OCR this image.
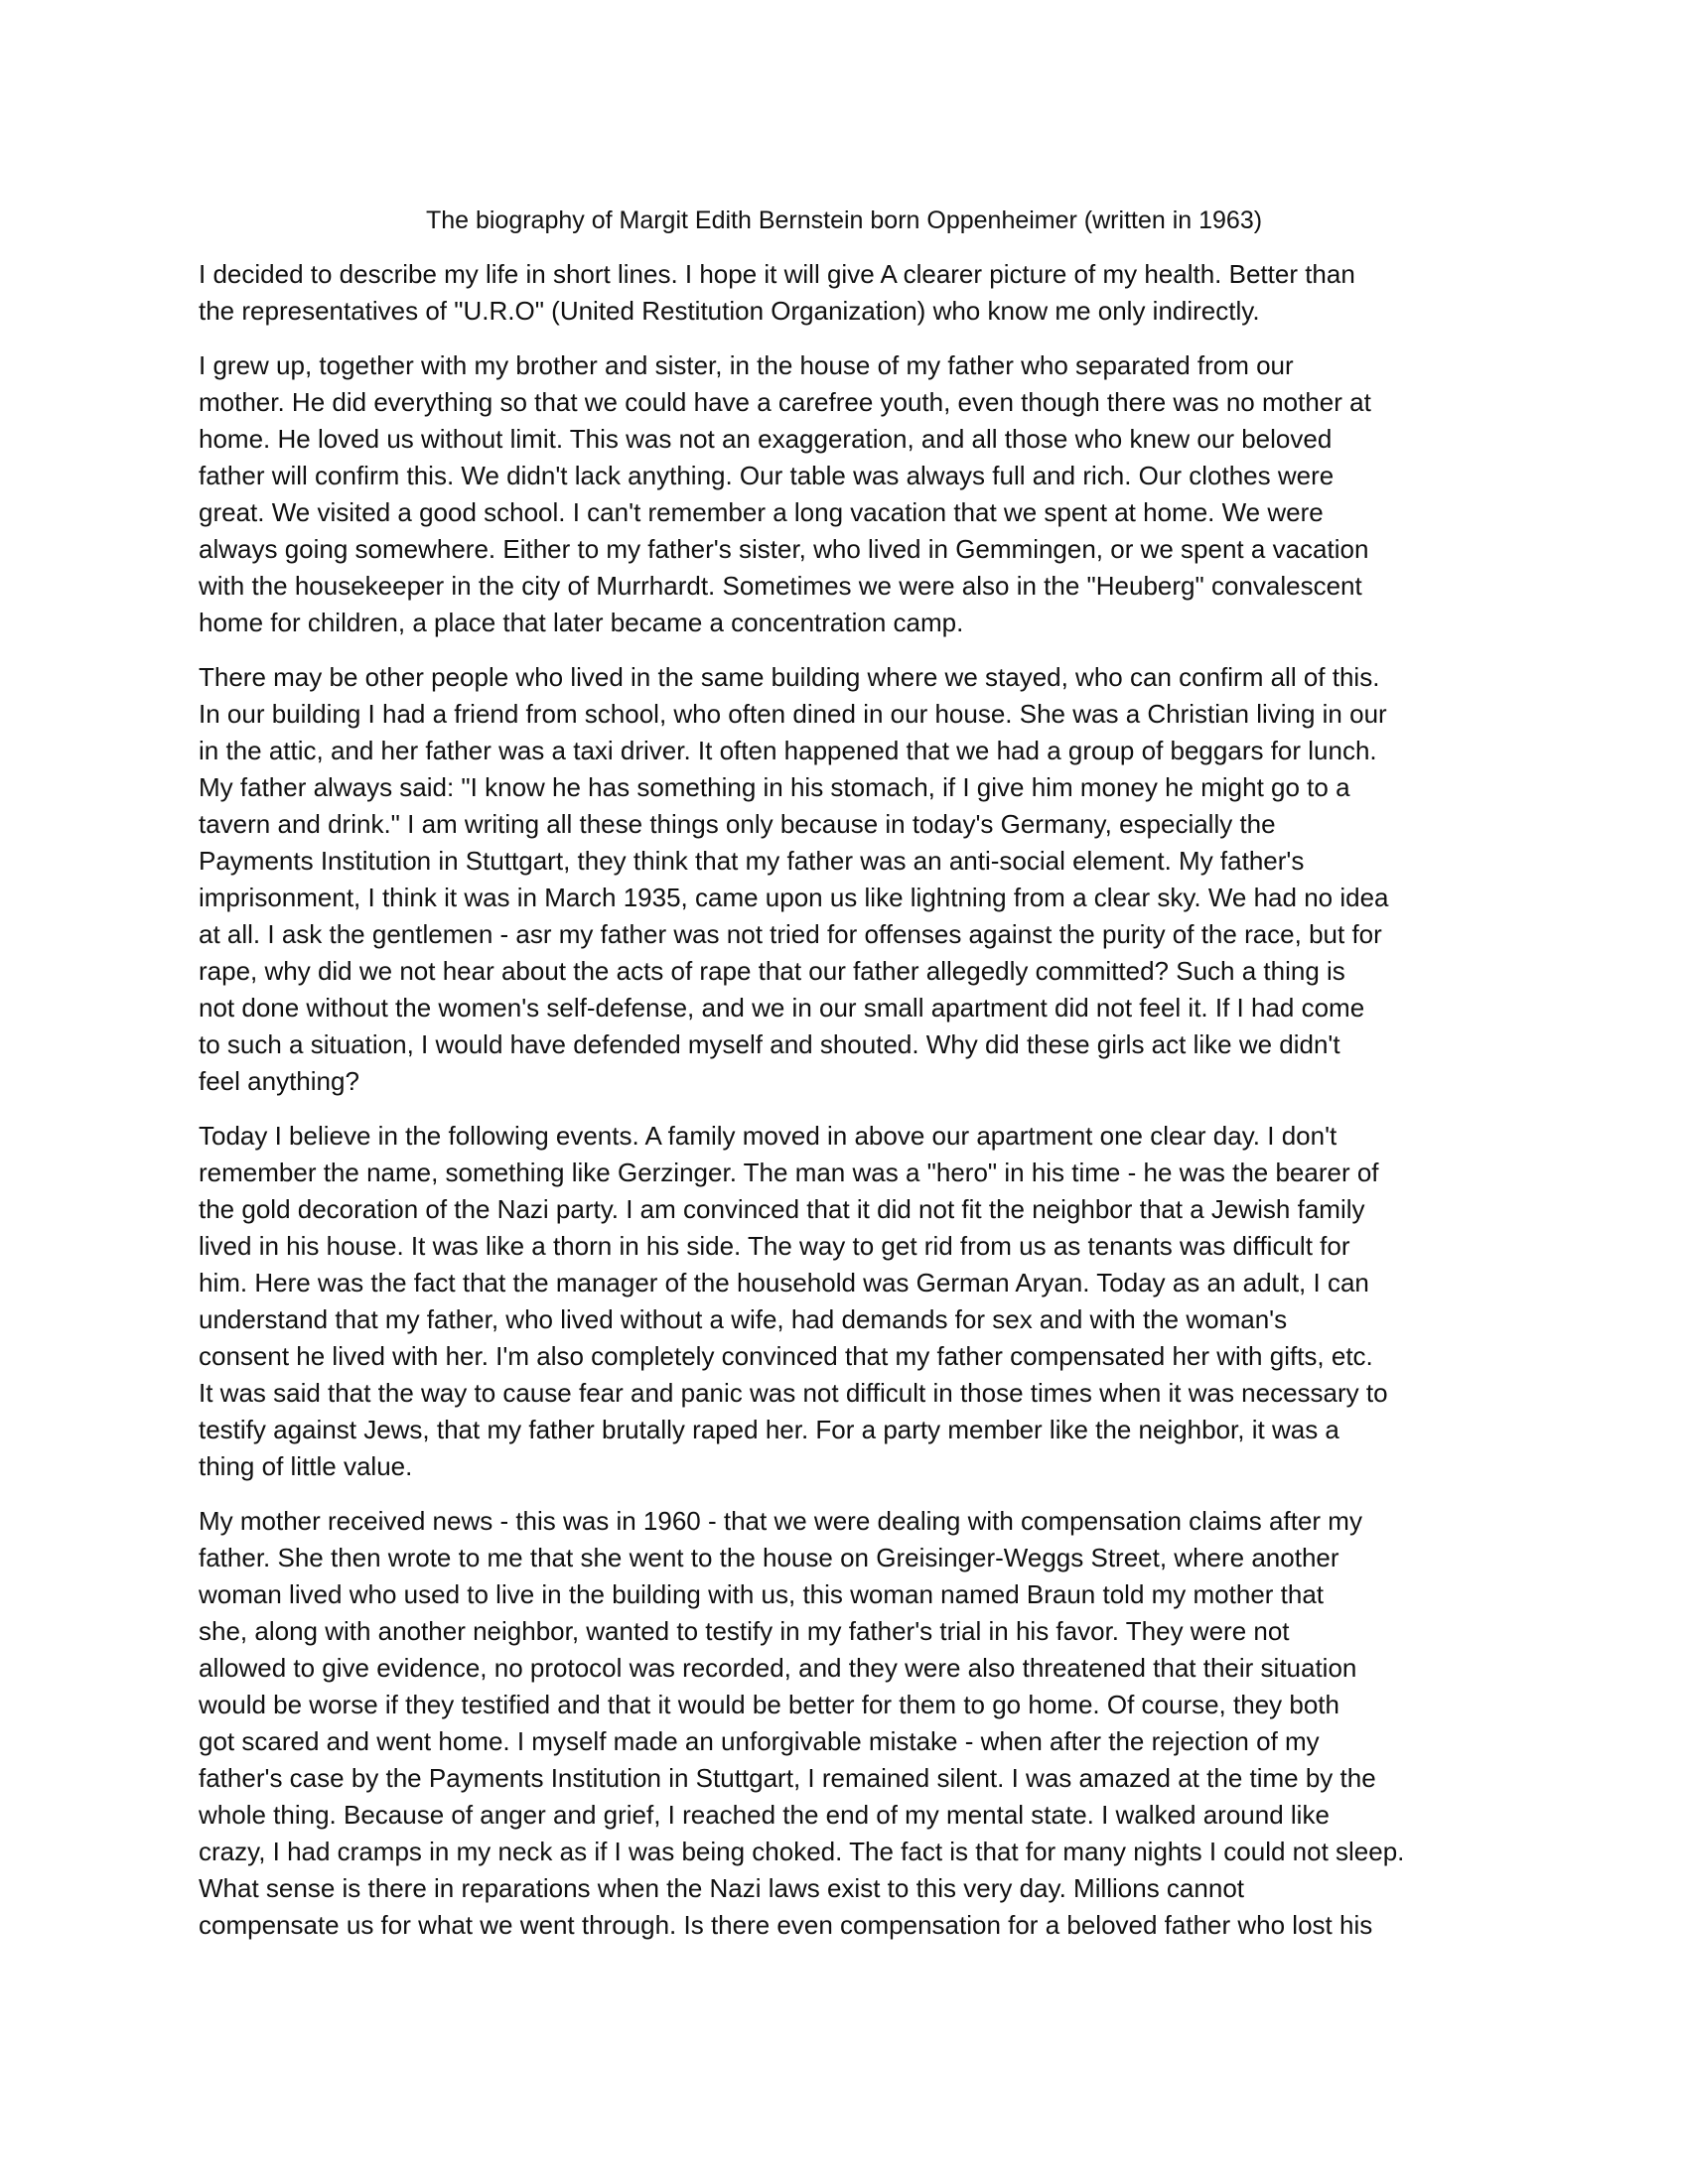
The biography of Margit Edith Bernstein born Oppenheimer (written in 1963)

I decided to describe my life in short lines. I hope it will give A clearer picture of my health. Better than
the representatives of "U.R.O" (United Restitution Organization) who know me only indirectly.

I grew up, together with my brother and sister, in the house of my father who separated from our
mother. He did everything so that we could have a carefree youth, even though there was no mother at
home. He loved us without limit. This was not an exaggeration, and all those who knew our beloved
father will confirm this. We didn't lack anything. Our table was always full and rich. Our clothes were
great. We visited a good school. I can't remember a long vacation that we spent at home. We were
always going somewhere. Either to my father's sister, who lived in Gemmingen, or we spent a vacation
with the housekeeper in the city of Murrhardt. Sometimes we were also in the "Heuberg" convalescent
home for children, a place that later became a concentration camp.

There may be other people who lived in the same building where we stayed, who can confirm all of this.
In our building I had a friend from school, who often dined in our house. She was a Christian living in our
in the attic, and her father was a taxi driver. It often happened that we had a group of beggars for lunch.
My father always said: "I know he has something in his stomach, if I give him money he might go to a
tavern and drink." I am writing all these things only because in today's Germany, especially the
Payments Institution in Stuttgart, they think that my father was an anti-social element. My father's
imprisonment, I think it was in March 1935, came upon us like lightning from a clear sky. We had no idea
at all. I ask the gentlemen - asr my father was not tried for offenses against the purity of the race, but for
rape, why did we not hear about the acts of rape that our father allegedly committed? Such a thing is
not done without the women's self-defense, and we in our small apartment did not feel it. If I had come
to such a situation, I would have defended myself and shouted. Why did these girls act like we didn't
feel anything?

Today I believe in the following events. A family moved in above our apartment one clear day. I don't
remember the name, something like Gerzinger. The man was a "hero" in his time - he was the bearer of
the gold decoration of the Nazi party. I am convinced that it did not fit the neighbor that a Jewish family
lived in his house. It was like a thorn in his side. The way to get rid from us as tenants was difficult for
him. Here was the fact that the manager of the household was German Aryan. Today as an adult, I can
understand that my father, who lived without a wife, had demands for sex and with the woman's
consent he lived with her. I'm also completely convinced that my father compensated her with gifts, etc.
It was said that the way to cause fear and panic was not difficult in those times when it was necessary to
testify against Jews, that my father brutally raped her. For a party member like the neighbor, it was a
thing of little value.

My mother received news - this was in 1960 - that we were dealing with compensation claims after my
father. She then wrote to me that she went to the house on Greisinger-Weggs Street, where another
woman lived who used to live in the building with us, this woman named Braun told my mother that
she, along with another neighbor, wanted to testify in my father's trial in his favor. They were not
allowed to give evidence, no protocol was recorded, and they were also threatened that their situation
would be worse if they testified and that it would be better for them to go home. Of course, they both
got scared and went home. I myself made an unforgivable mistake - when after the rejection of my
father's case by the Payments Institution in Stuttgart, I remained silent. I was amazed at the time by the
whole thing. Because of anger and grief, I reached the end of my mental state. I walked around like
crazy, I had cramps in my neck as if I was being choked. The fact is that for many nights I could not sleep.
What sense is there in reparations when the Nazi laws exist to this very day. Millions cannot
compensate us for what we went through. Is there even compensation for a beloved father who lost his
